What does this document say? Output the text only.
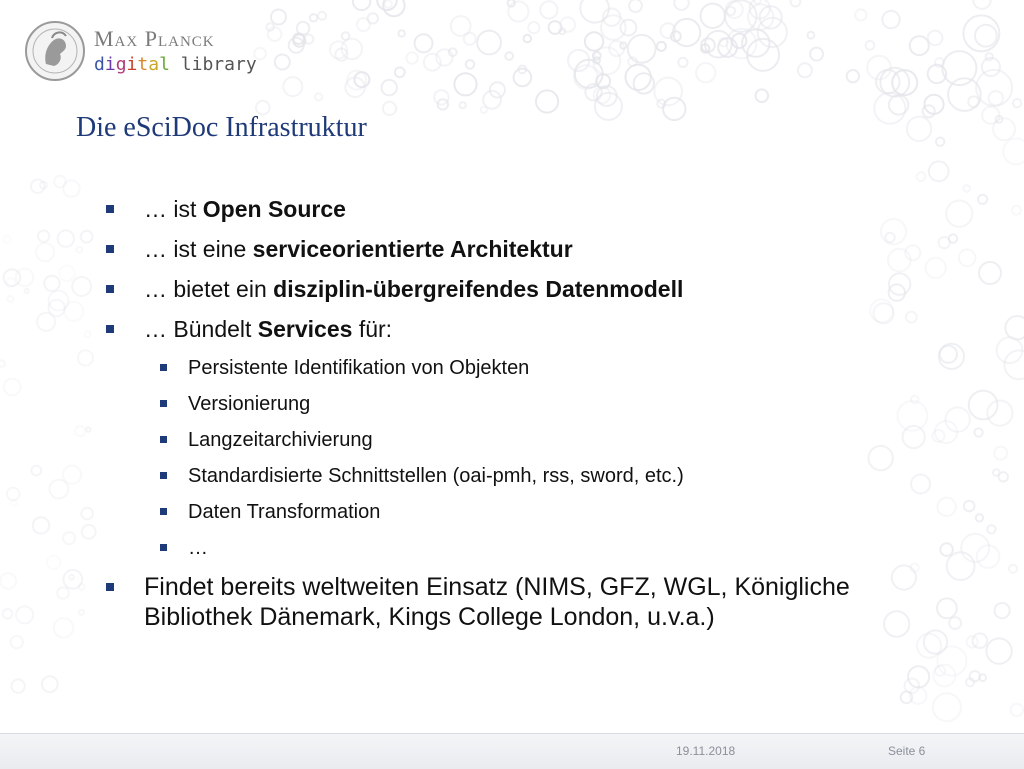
Max Planck
digital library
Die eSciDoc Infrastruktur
… ist Open Source
… ist eine serviceorientierte Architektur
… bietet ein disziplin-übergreifendes Datenmodell
… Bündelt Services für:
Persistente Identifikation von Objekten
Versionierung
Langzeitarchivierung
Standardisierte Schnittstellen (oai-pmh, rss, sword, etc.)
Daten Transformation
…
Findet bereits weltweiten Einsatz (NIMS, GFZ, WGL, Königliche Bibliothek Dänemark, Kings College London, u.v.a.)
19.11.2018	Seite 6
